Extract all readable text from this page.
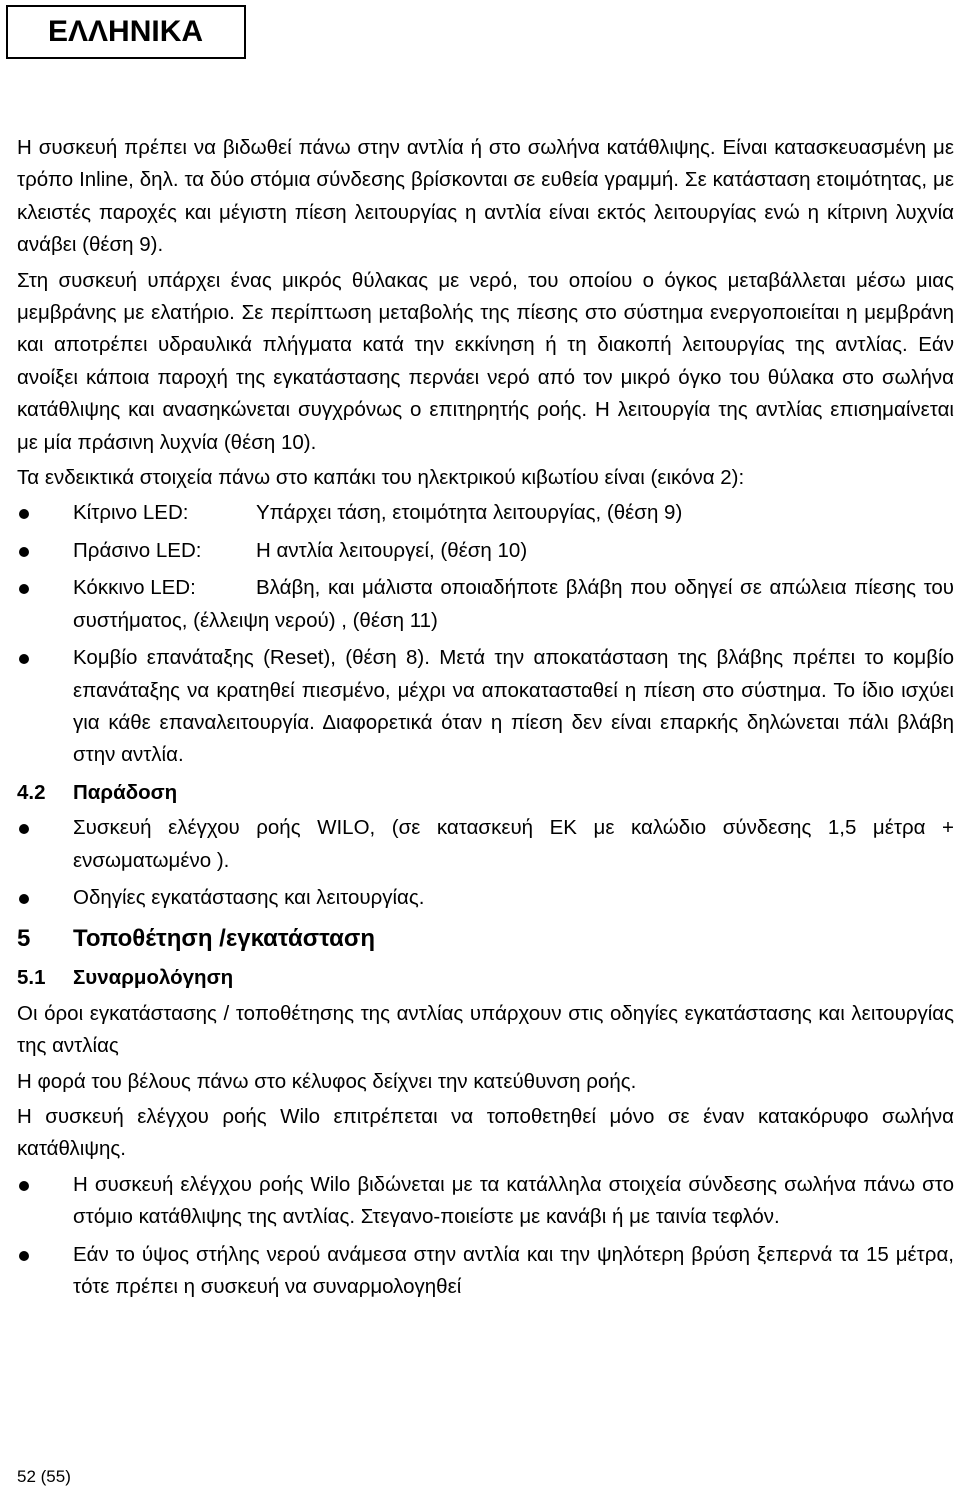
ΕΛΛΗΝΙΚΑ

Η συσκευή πρέπει να βιδωθεί πάνω στην αντλία ή στο σωλήνα κατάθλιψης. Είναι κατασκευασμένη με τρόπο Inline, δηλ. τα δύο στόμια σύνδεσης βρίσκονται σε ευθεία γραμμή. Σε κατάσταση ετοιμότητας, με κλειστές παροχές και μέγιστη πίεση λειτουργίας η αντλία είναι εκτός λειτουργίας ενώ η κίτρινη λυχνία ανάβει (θέση 9).

Στη συσκευή υπάρχει ένας μικρός θύλακας με νερό, του οποίου ο όγκος μεταβάλλεται μέσω μιας μεμβράνης με ελατήριο. Σε περίπτωση μεταβολής της πίεσης στο σύστημα ενεργοποιείται η μεμβράνη και αποτρέπει υδραυλικά πλήγματα κατά την εκκίνηση ή τη διακοπή λειτουργίας της αντλίας. Εάν ανοίξει κάποια παροχή της εγκατάστασης περνάει νερό από τον μικρό όγκο του θύλακα στο σωλήνα κατάθλιψης και ανασηκώνεται συγχρόνως ο επιτηρητής ροής. Η λειτουργία της αντλίας επισημαίνεται με μία πράσινη λυχνία (θέση 10).

Τα ενδεικτικά στοιχεία πάνω στο καπάκι του ηλεκτρικού κιβωτίου είναι (εικόνα 2):

Κίτρινο LED:	Υπάρχει τάση, ετοιμότητα λειτουργίας, (θέση 9)
Πράσινο LED:	Η αντλία λειτουργεί, (θέση 10)
Κόκκινο LED:	Βλάβη, και μάλιστα οποιαδήποτε βλάβη που οδηγεί σε απώλεια πίεσης του συστήματος, (έλλειψη νερού) , (θέση 11)
Κομβίο επανάταξης (Reset), (θέση 8). Μετά την αποκατάσταση της βλάβης πρέπει το κομβίο επανάταξης να κρατηθεί πιεσμένο, μέχρι να αποκατασταθεί η πίεση στο σύστημα. Το ίδιο ισχύει για κάθε επαναλειτουργία. Διαφορετικά όταν η πίεση δεν είναι επαρκής δηλώνεται πάλι βλάβη στην αντλία.
4.2	Παράδοση
Συσκευή ελέγχου ροής WILO, (σε κατασκευή ΕΚ με καλώδιο σύνδεσης 1,5 μέτρα + ενσωματωμένο ).
Οδηγίες εγκατάστασης και λειτουργίας.
5	Τοποθέτηση /εγκατάσταση
5.1	Συναρμολόγηση

Οι όροι εγκατάστασης / τοποθέτησης της αντλίας υπάρχουν στις οδηγίες εγκατάστασης και λειτουργίας της αντλίας

Η φορά του βέλους πάνω στο κέλυφος δείχνει την κατεύθυνση ροής.

Η συσκευή ελέγχου ροής Wilo επιτρέπεται να τοποθετηθεί μόνο σε έναν κατακόρυφο σωλήνα κατάθλιψης.

Η συσκευή ελέγχου ροής Wilo βιδώνεται με τα κατάλληλα στοιχεία σύνδεσης σωλήνα πάνω στο στόμιο κατάθλιψης της αντλίας. Στεγανο-ποιείστε με κανάβι ή με ταινία τεφλόν.
Εάν το ύψος στήλης νερού ανάμεσα στην αντλία και την ψηλότερη βρύση ξεπερνά τα 15 μέτρα, τότε πρέπει η συσκευή να συναρμολογηθεί
52 (55)
